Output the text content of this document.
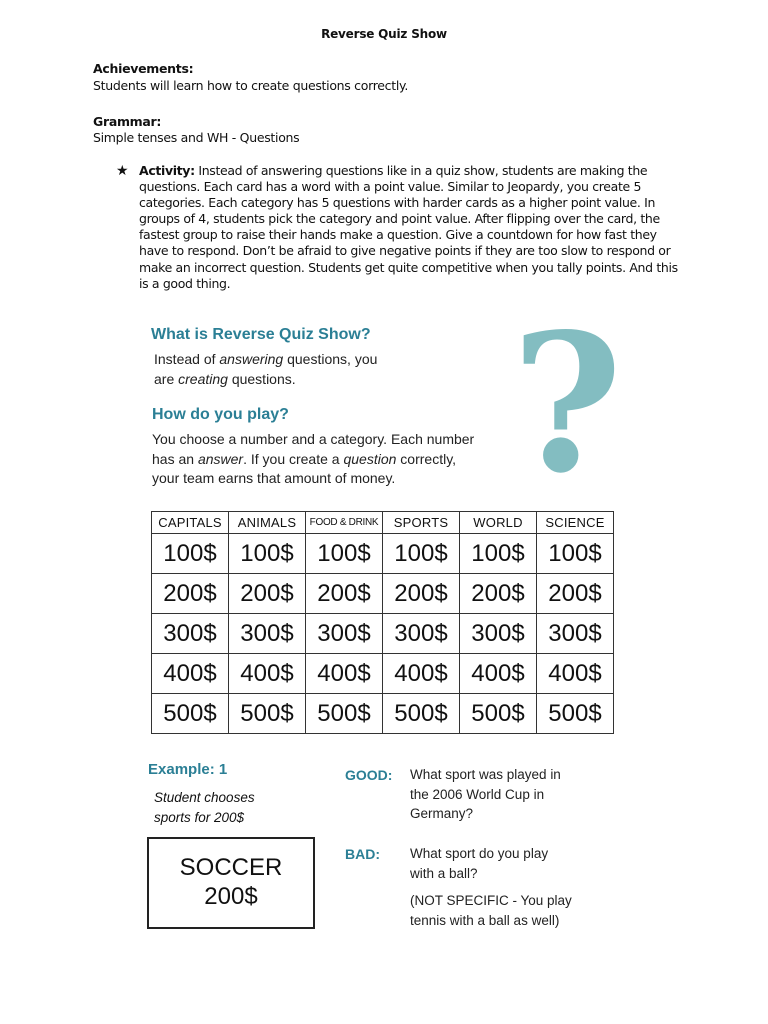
Reverse Quiz Show
Achievements:
Students will learn how to create questions correctly.
Grammar:
Simple tenses and WH - Questions
★ Activity: Instead of answering questions like in a quiz show, students are making the questions. Each card has a word with a point value. Similar to Jeopardy, you create 5 categories. Each category has 5 questions with harder cards as a higher point value. In groups of 4, students pick the category and point value. After flipping over the card, the fastest group to raise their hands make a question. Give a countdown for how fast they have to respond. Don’t be afraid to give negative points if they are too slow to respond or make an incorrect question. Students get quite competitive when you tally points. And this is a good thing.
What is Reverse Quiz Show?
Instead of answering questions, you
are creating questions.
How do you play?
You choose a number and a category. Each number
has an answer. If you create a question correctly,
your team earns that amount of money. ?
CAPITALS	ANIMALS	FOOD & DRINK	SPORTS	WORLD	SCIENCE
100$	100$	100$	100$	100$	100$
200$	200$	200$	200$	200$	200$
300$	300$	300$	300$	300$	300$
400$	400$	400$	400$	400$	400$
500$	500$	500$	500$	500$	500$
Example: 1
Student chooses
sports for 200$
SOCCER
200$
GOOD: What sport was played in
the 2006 World Cup in
Germany?
BAD: What sport do you play
with a ball?
(NOT SPECIFIC - You play
tennis with a ball as well)
